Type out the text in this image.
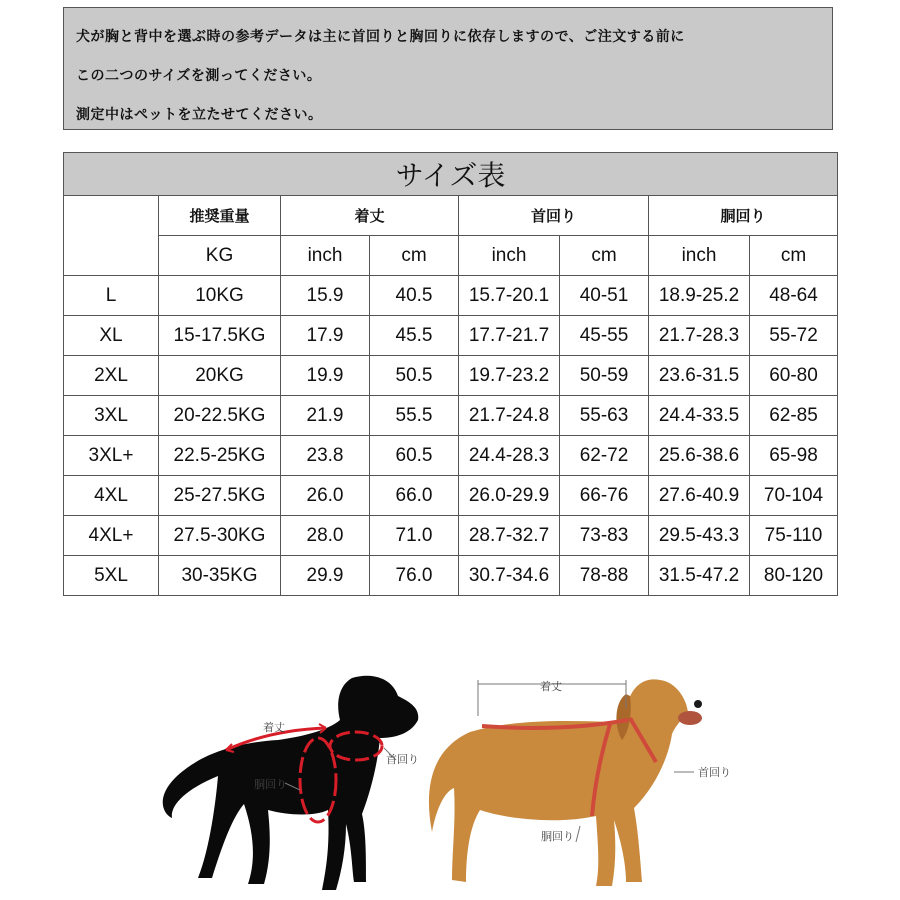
犬が胸と背中を選ぶ時の参考データは主に首回りと胸回りに依存しますので、ご注文する前に

この二つのサイズを測ってください。

測定中はペットを立たせてください。

サイズ表							
	推奨重量	着丈		首回り		胴回り	
	KG	inch	cm	inch	cm	inch	cm
L	10KG	15.9	40.5	15.7-20.1	40-51	18.9-25.2	48-64
XL	15-17.5KG	17.9	45.5	17.7-21.7	45-55	21.7-28.3	55-72
2XL	20KG	19.9	50.5	19.7-23.2	50-59	23.6-31.5	60-80
3XL	20-22.5KG	21.9	55.5	21.7-24.8	55-63	24.4-33.5	62-85
3XL+	22.5-25KG	23.8	60.5	24.4-28.3	62-72	25.6-38.6	65-98
4XL	25-27.5KG	26.0	66.0	26.0-29.9	66-76	27.6-40.9	70-104
4XL+	27.5-30KG	28.0	71.0	28.7-32.7	73-83	29.5-43.3	75-110
5XL	30-35KG	29.9	76.0	30.7-34.6	78-88	31.5-47.2	80-120
着丈
首回り
胴回り
着丈
首回り
胴回り
